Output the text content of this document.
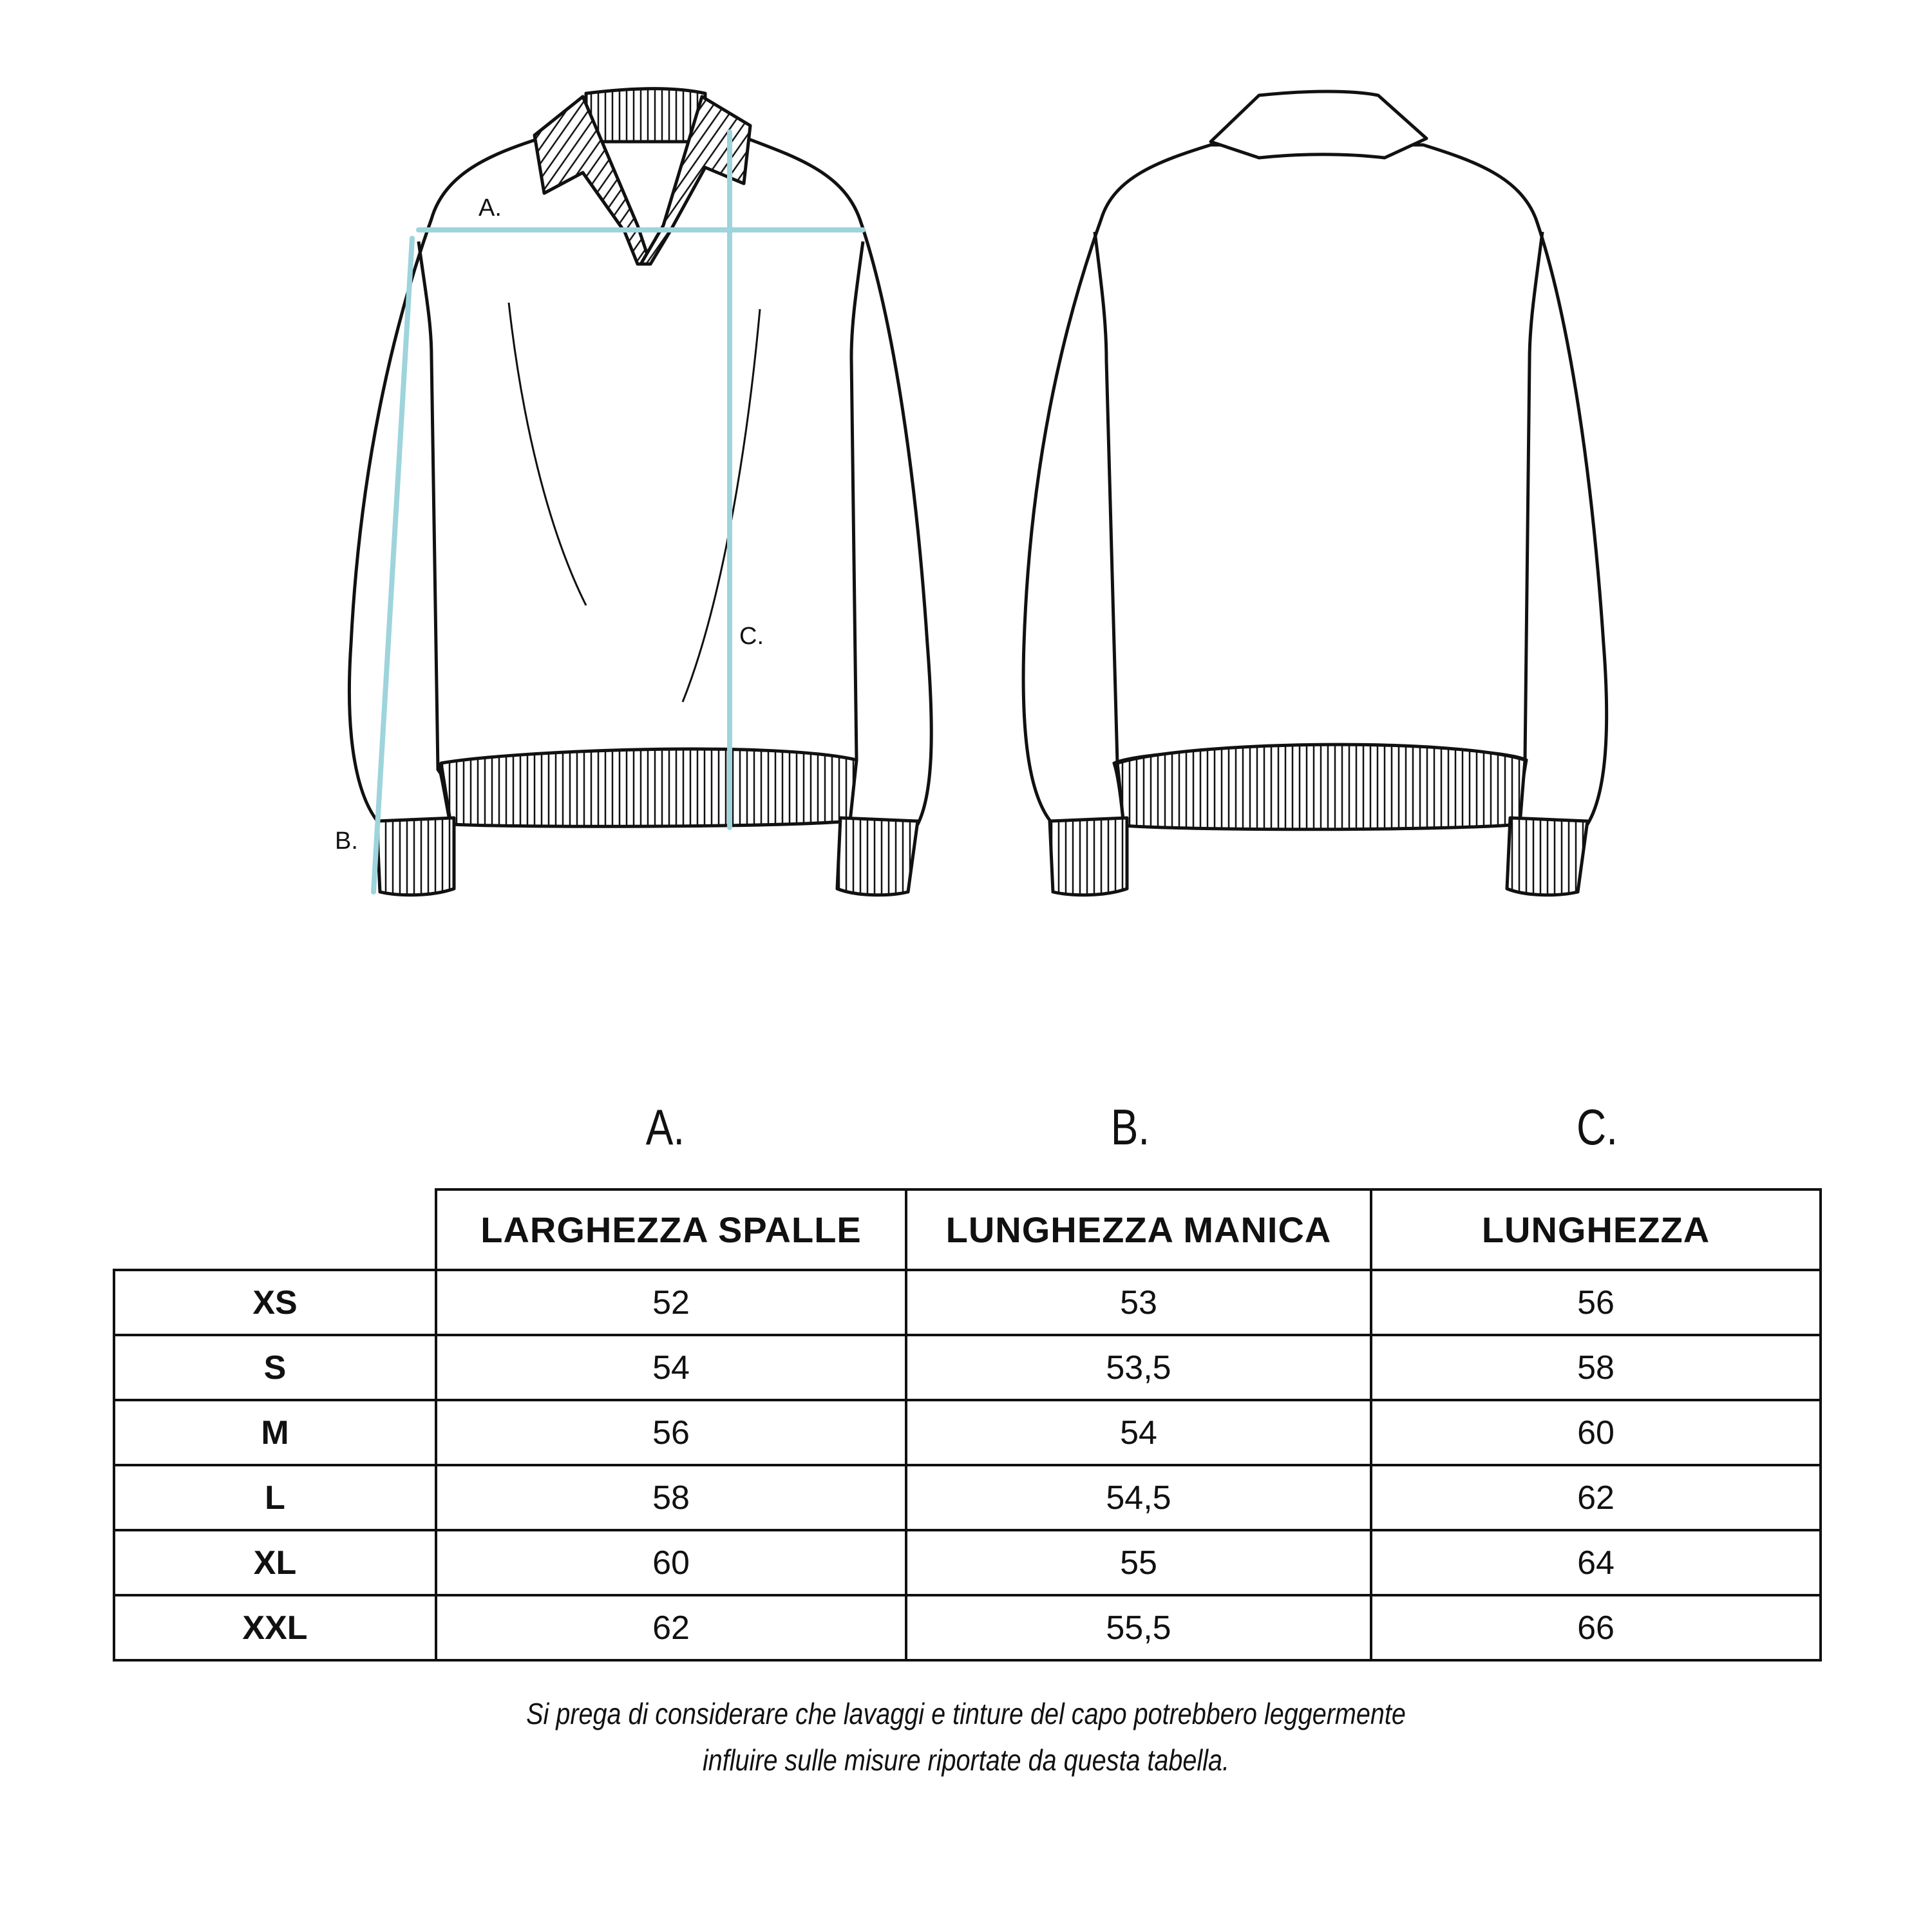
A.
B.
C.
A.	B.	C.
	LARGHEZZA SPALLE	LUNGHEZZA MANICA	LUNGHEZZA
XS	52	53	56
S	54	53,5	58
M	56	54	60
L	58	54,5	62
XL	60	55	64
XXL	62	55,5	66
Si prega di considerare che lavaggi e tinture del capo potrebbero leggermente
influire sulle misure riportate da questa tabella.
